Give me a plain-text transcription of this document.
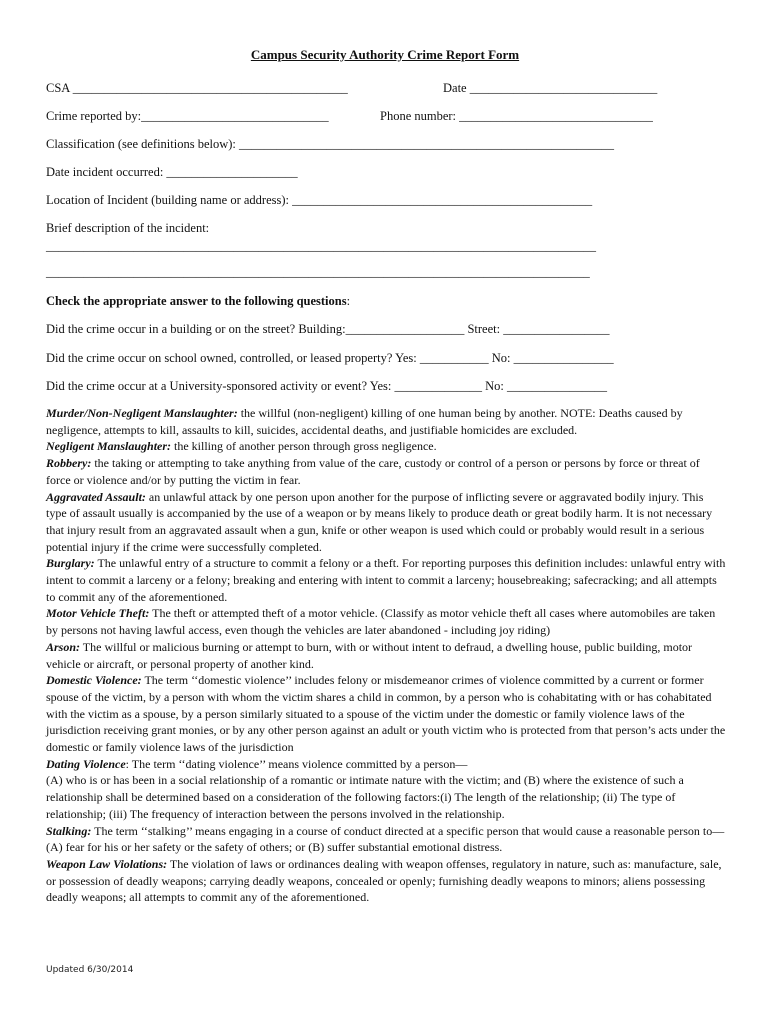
Campus Security Authority Crime Report Form
CSA ____________________________________________	Date ______________________________
Crime reported by:______________________________	Phone number: _______________________________
Classification (see definitions below): ____________________________________________________________
Date incident occurred: _____________________
Location of Incident (building name or address): ________________________________________________
Brief description of the incident:
________________________________________________________________________________________
_______________________________________________________________________________________
Check the appropriate answer to the following questions:
Did the crime occur in a building or on the street? Building:___________________ Street: _________________
Did the crime occur on school owned, controlled, or leased property? Yes: ___________ No: ________________
Did the crime occur at a University-sponsored activity or event? Yes: ______________ No: ________________

Murder/Non-Negligent Manslaughter: the willful (non-negligent) killing of one human being by another. NOTE: Deaths caused by negligence, attempts to kill, assaults to kill, suicides, accidental deaths, and justifiable homicides are excluded.

Negligent Manslaughter: the killing of another person through gross negligence.

Robbery: the taking or attempting to take anything from value of the care, custody or control of a person or persons by force or threat of force or violence and/or by putting the victim in fear.

Aggravated Assault: an unlawful attack by one person upon another for the purpose of inflicting severe or aggravated bodily injury. This type of assault usually is accompanied by the use of a weapon or by means likely to produce death or great bodily harm. It is not necessary that injury result from an aggravated assault when a gun, knife or other weapon is used which could or probably would result in a serious potential injury if the crime were successfully completed.

Burglary: The unlawful entry of a structure to commit a felony or a theft. For reporting purposes this definition includes: unlawful entry with intent to commit a larceny or a felony; breaking and entering with intent to commit a larceny; housebreaking; safecracking; and all attempts to commit any of the aforementioned.

Motor Vehicle Theft: The theft or attempted theft of a motor vehicle. (Classify as motor vehicle theft all cases where automobiles are taken by persons not having lawful access, even though the vehicles are later abandoned - including joy riding)

Arson: The willful or malicious burning or attempt to burn, with or without intent to defraud, a dwelling house, public building, motor vehicle or aircraft, or personal property of another kind.

Domestic Violence: The term ‘‘domestic violence’’ includes felony or misdemeanor crimes of violence committed by a current or former spouse of the victim, by a person with whom the victim shares a child in common, by a person who is cohabitating with or has cohabitated with the victim as a spouse, by a person similarly situated to a spouse of the victim under the domestic or family violence laws of the jurisdiction receiving grant monies, or by any other person against an adult or youth victim who is protected from that person’s acts under the domestic or family violence laws of the jurisdiction

Dating Violence: The term ‘‘dating violence’’ means violence committed by a person—

(A) who is or has been in a social relationship of a romantic or intimate nature with the victim; and (B) where the existence of such a relationship shall be determined based on a consideration of the following factors:(i) The length of the relationship; (ii) The type of relationship; (iii) The frequency of interaction between the persons involved in the relationship.

Stalking: The term ‘‘stalking’’ means engaging in a course of conduct directed at a specific person that would cause a reasonable person to— (A) fear for his or her safety or the safety of others; or (B) suffer substantial emotional distress.

Weapon Law Violations: The violation of laws or ordinances dealing with weapon offenses, regulatory in nature, such as: manufacture, sale, or possession of deadly weapons; carrying deadly weapons, concealed or openly; furnishing deadly weapons to minors; aliens possessing deadly weapons; all attempts to commit any of the aforementioned.

Updated 6/30/2014
